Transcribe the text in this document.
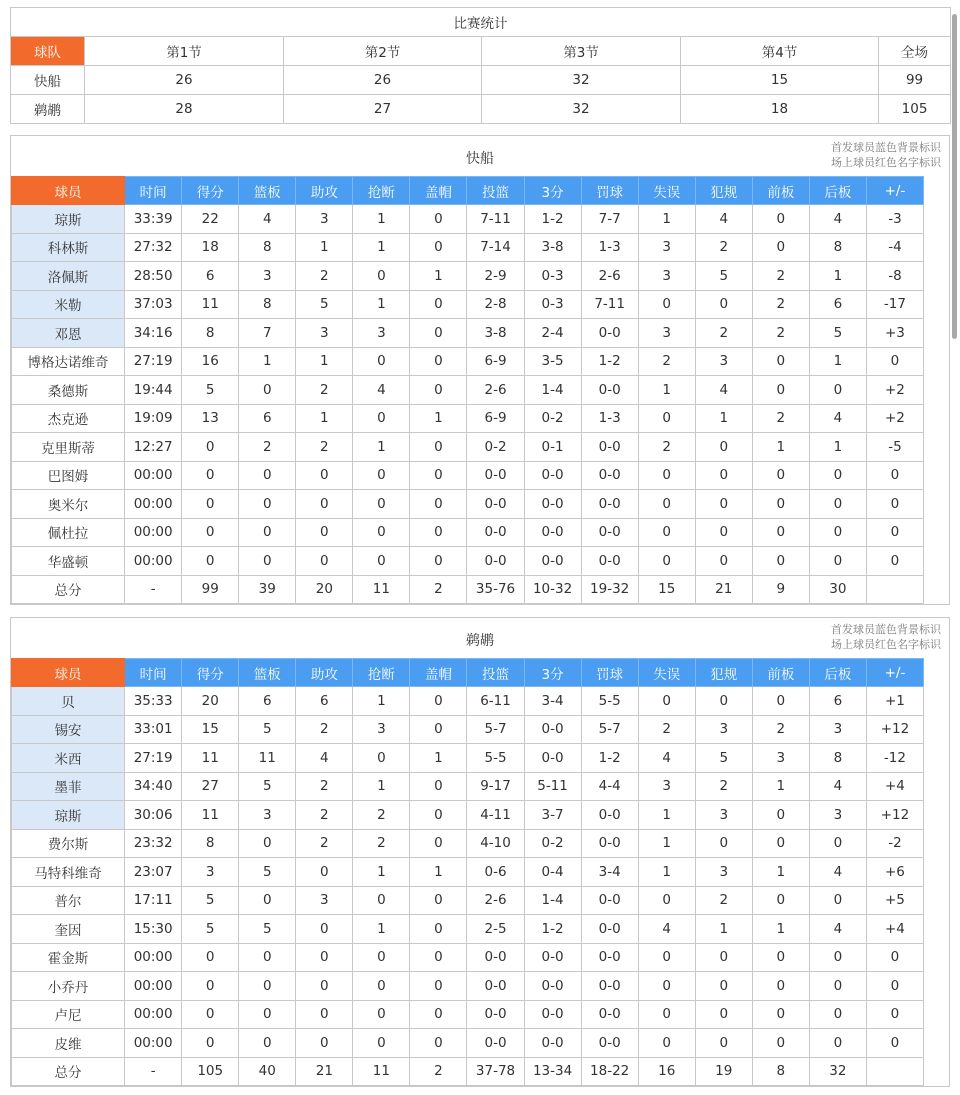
比赛统计					
球队	第1节	第2节	第3节	第4节	全场
快船	26	26	32	15	99
鹈鹕	28	27	32	18	105
快船
首发球员蓝色背景标识
场上球员红色名字标识
球员	时间	得分	篮板	助攻	抢断	盖帽	投篮	3分	罚球	失误	犯规	前板	后板	+/-
琼斯	33:39	22	4	3	1	0	7-11	1-2	7-7	1	4	0	4	-3
科林斯	27:32	18	8	1	1	0	7-14	3-8	1-3	3	2	0	8	-4
洛佩斯	28:50	6	3	2	0	1	2-9	0-3	2-6	3	5	2	1	-8
米勒	37:03	11	8	5	1	0	2-8	0-3	7-11	0	0	2	6	-17
邓恩	34:16	8	7	3	3	0	3-8	2-4	0-0	3	2	2	5	+3
博格达诺维奇	27:19	16	1	1	0	0	6-9	3-5	1-2	2	3	0	1	0
桑德斯	19:44	5	0	2	4	0	2-6	1-4	0-0	1	4	0	0	+2
杰克逊	19:09	13	6	1	0	1	6-9	0-2	1-3	0	1	2	4	+2
克里斯蒂	12:27	0	2	2	1	0	0-2	0-1	0-0	2	0	1	1	-5
巴图姆	00:00	0	0	0	0	0	0-0	0-0	0-0	0	0	0	0	0
奥米尔	00:00	0	0	0	0	0	0-0	0-0	0-0	0	0	0	0	0
佩杜拉	00:00	0	0	0	0	0	0-0	0-0	0-0	0	0	0	0	0
华盛顿	00:00	0	0	0	0	0	0-0	0-0	0-0	0	0	0	0	0
总分	-	99	39	20	11	2	35-76	10-32	19-32	15	21	9	30	
鹈鹕
首发球员蓝色背景标识
场上球员红色名字标识
球员	时间	得分	篮板	助攻	抢断	盖帽	投篮	3分	罚球	失误	犯规	前板	后板	+/-
贝	35:33	20	6	6	1	0	6-11	3-4	5-5	0	0	0	6	+1
锡安	33:01	15	5	2	3	0	5-7	0-0	5-7	2	3	2	3	+12
米西	27:19	11	11	4	0	1	5-5	0-0	1-2	4	5	3	8	-12
墨菲	34:40	27	5	2	1	0	9-17	5-11	4-4	3	2	1	4	+4
琼斯	30:06	11	3	2	2	0	4-11	3-7	0-0	1	3	0	3	+12
费尔斯	23:32	8	0	2	2	0	4-10	0-2	0-0	1	0	0	0	-2
马特科维奇	23:07	3	5	0	1	1	0-6	0-4	3-4	1	3	1	4	+6
普尔	17:11	5	0	3	0	0	2-6	1-4	0-0	0	2	0	0	+5
奎因	15:30	5	5	0	1	0	2-5	1-2	0-0	4	1	1	4	+4
霍金斯	00:00	0	0	0	0	0	0-0	0-0	0-0	0	0	0	0	0
小乔丹	00:00	0	0	0	0	0	0-0	0-0	0-0	0	0	0	0	0
卢尼	00:00	0	0	0	0	0	0-0	0-0	0-0	0	0	0	0	0
皮维	00:00	0	0	0	0	0	0-0	0-0	0-0	0	0	0	0	0
总分	-	105	40	21	11	2	37-78	13-34	18-22	16	19	8	32	
